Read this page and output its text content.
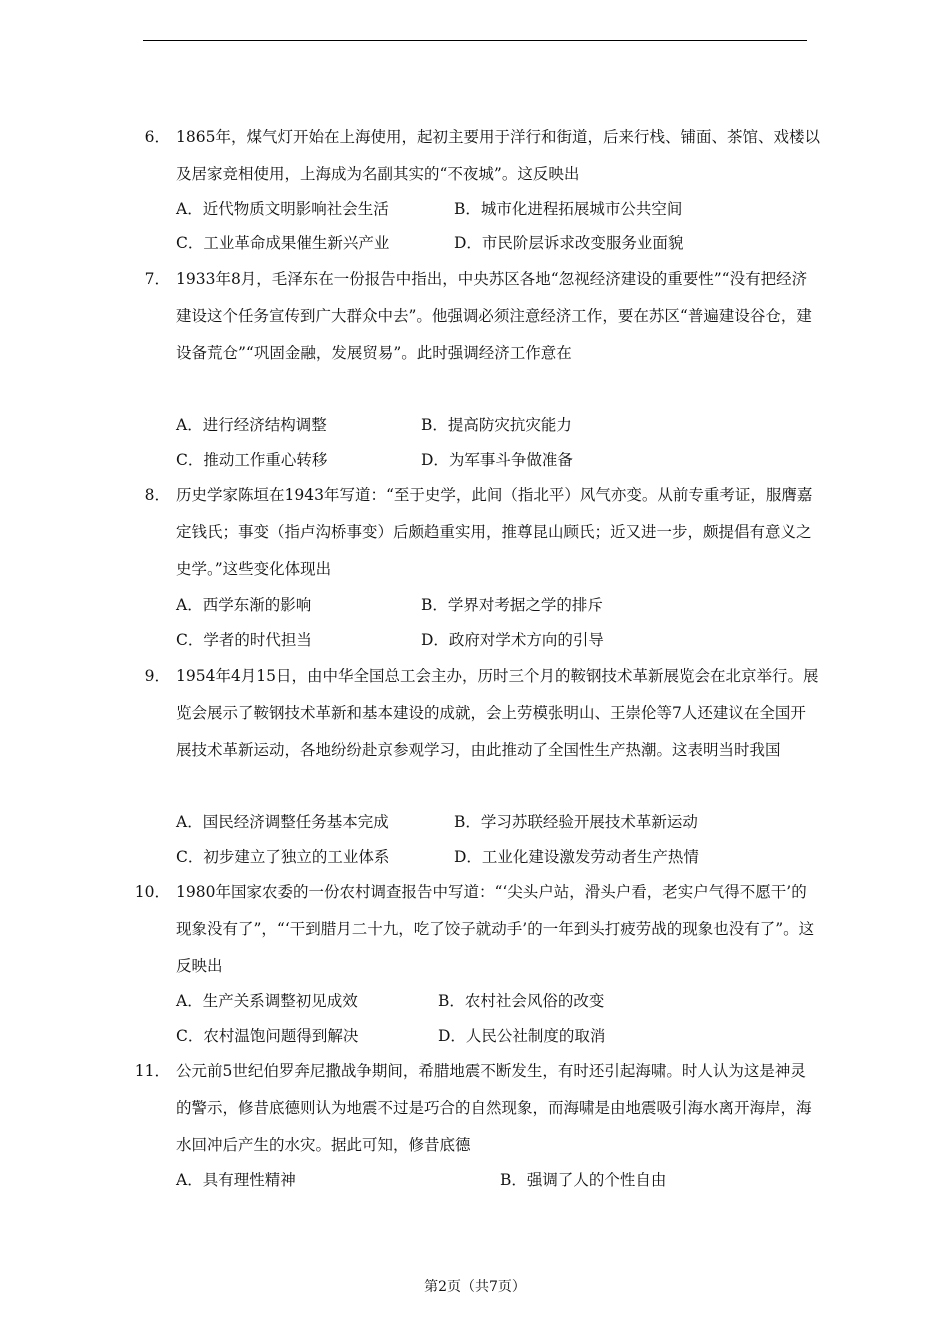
6． 1865年，煤气灯开始在上海使用，起初主要用于洋行和街道，后来行栈、铺面、茶馆、戏楼以及居家竞相使用，上海成为名副其实的“不夜城”。这反映出
A．近代物质文明影响社会生活	B．城市化进程拓展城市公共空间
C．工业革命成果催生新兴产业	D．市民阶层诉求改变服务业面貌
7． 1933年8月，毛泽东在一份报告中指出，中央苏区各地“忽视经济建设的重要性”“没有把经济建设这个任务宣传到广大群众中去”。他强调必须注意经济工作，要在苏区“普遍建设谷仓，建设备荒仓”“巩固金融，发展贸易”。此时强调经济工作意在
A．进行经济结构调整	B．提高防灾抗灾能力
C．推动工作重心转移	D．为军事斗争做准备
8． 历史学家陈垣在1943年写道：“至于史学，此间（指北平）风气亦变。从前专重考证，服膺嘉定钱氏；事变（指卢沟桥事变）后颇趋重实用，推尊昆山顾氏；近又进一步，颇提倡有意义之史学。”这些变化体现出
A．西学东渐的影响	B．学界对考据之学的排斥
C．学者的时代担当	D．政府对学术方向的引导
9． 1954年4月15日，由中华全国总工会主办，历时三个月的鞍钢技术革新展览会在北京举行。展览会展示了鞍钢技术革新和基本建设的成就，会上劳模张明山、王崇伦等7人还建议在全国开展技术革新运动，各地纷纷赴京参观学习，由此推动了全国性生产热潮。这表明当时我国
A．国民经济调整任务基本完成	B．学习苏联经验开展技术革新运动
C．初步建立了独立的工业体系	D．工业化建设激发劳动者生产热情
10． 1980年国家农委的一份农村调查报告中写道：“‘尖头户站，滑头户看，老实户气得不愿干’的现象没有了”，“‘干到腊月二十九，吃了饺子就动手’的一年到头打疲劳战的现象也没有了”。这反映出
A．生产关系调整初见成效	B．农村社会风俗的改变
C．农村温饱问题得到解决	D．人民公社制度的取消
11． 公元前5世纪伯罗奔尼撒战争期间，希腊地震不断发生，有时还引起海啸。时人认为这是神灵的警示，修昔底德则认为地震不过是巧合的自然现象，而海啸是由地震吸引海水离开海岸，海水回冲后产生的水灾。据此可知，修昔底德
A．具有理性精神	B．强调了人的个性自由
第2页（共7页）
